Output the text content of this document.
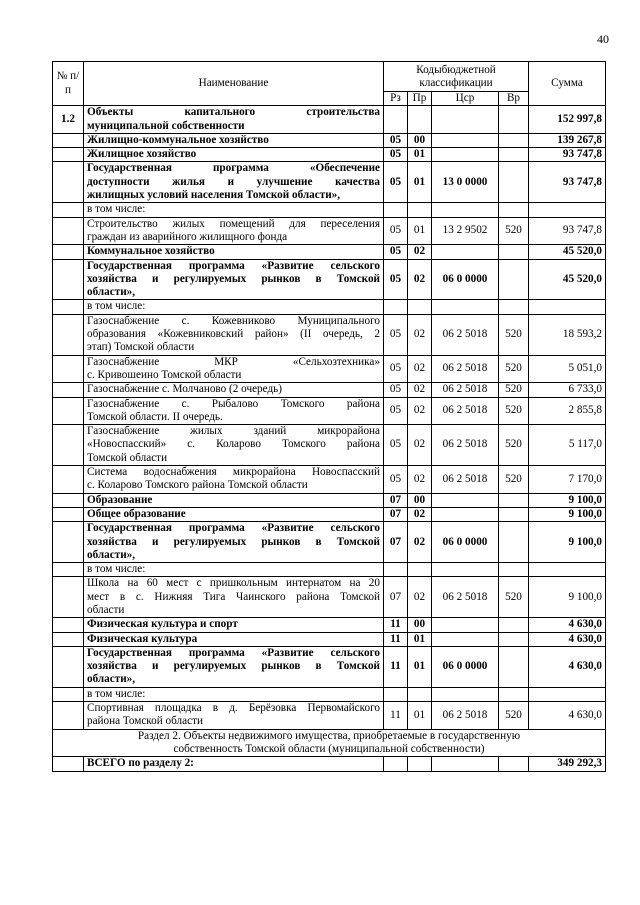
40
№ п/п	Наименование	Кодыбюджетной классификации				Сумма
		Рз	Пр	Цср	Вр	
1.2	Объекты капитального строительства
муниципальной собственности					152 997,8

	Жилищно-коммунальное хозяйство	05	00			139 267,8

	Жилищное хозяйство	05	01			93 747,8

	Государственная программа «Обеспечение
доступности жилья и улучшение качества
жилищных условий населения Томской области»,	05	01	13 0 0000		93 747,8

	в том числе:					

	Строительство жилых помещений для переселения
граждан из аварийного жилищного фонда	05	01	13 2 9502	520	93 747,8

	Коммунальное хозяйство	05	02			45 520,0

	Государственная программа «Развитие сельского
хозяйства и регулируемых рынков в Томской
области»,	05	02	06 0 0000		45 520,0

	в том числе:					

	Газоснабжение с. Кожевниково Муниципального
образования «Кожевниковский район» (II очередь, 2
этап) Томской области	05	02	06 2 5018	520	18 593,2

	Газоснабжение МКР «Сельхозтехника»
с. Кривошеино Томской области	05	02	06 2 5018	520	5 051,0

	Газоснабжение с. Молчаново (2 очередь)	05	02	06 2 5018	520	6 733,0

	Газоснабжение с. Рыбалово Томского района
Томской области. II очередь.	05	02	06 2 5018	520	2 855,8

	Газоснабжение жилых зданий микрорайона
«Новоспасский» с. Коларово Томского района
Томской области	05	02	06 2 5018	520	5 117,0

	Система водоснабжения микрорайона Новоспасский
с. Коларово Томского района Томской области	05	02	06 2 5018	520	7 170,0

	Образование	07	00			9 100,0

	Общее образование	07	02			9 100,0

	Государственная программа «Развитие сельского
хозяйства и регулируемых рынков в Томской
области»,	07	02	06 0 0000		9 100,0

	в том числе:					

	Школа на 60 мест с пришкольным интернатом на 20
мест в с. Нижняя Тига Чаинского района Томской
области	07	02	06 2 5018	520	9 100,0

	Физическая культура и спорт	11	00			4 630,0

	Физическая культура	11	01			4 630,0

	Государственная программа «Развитие сельского
хозяйства и регулируемых рынков в Томской
области»,	11	01	06 0 0000		4 630,0

	в том числе:					

	Спортивная площадка в д. Берёзовка Первомайского
района Томской области	11	01	06 2 5018	520	4 630,0

Раздел 2. Объекты недвижимого имущества, приобретаемые в государственную
собственность Томской области (муниципальной собственности)						

	ВСЕГО по разделу 2:					349 292,3
